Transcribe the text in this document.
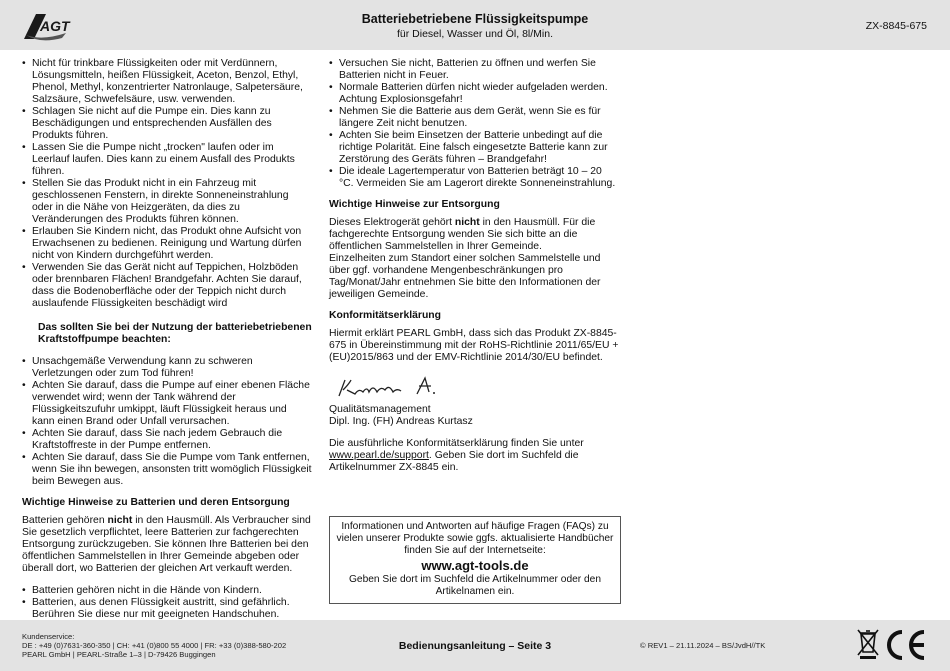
AGT	Batteriebetriebene Flüssigkeitspumpe
für Diesel, Wasser und Öl, 8l/Min.
ZX-8845-675
• Nicht für trinkbare Flüssigkeiten oder mit Verdünnern, Lösungsmitteln, heißen Flüssigkeit, Aceton, Benzol, Ethyl, Phenol, Methyl, konzentrierter Natronlauge, Salpetersäure, Salzsäure, Schwefelsäure, usw. verwenden.
• Schlagen Sie nicht auf die Pumpe ein. Dies kann zu Beschädigungen und entsprechenden Ausfällen des Produkts führen.
• Lassen Sie die Pumpe nicht „trocken" laufen oder im Leerlauf laufen. Dies kann zu einem Ausfall des Produkts führen.
• Stellen Sie das Produkt nicht in ein Fahrzeug mit geschlossenen Fenstern, in direkte Sonneneinstrahlung oder in die Nähe von Heizgeräten, da dies zu Veränderungen des Produkts führen können.
• Erlauben Sie Kindern nicht, das Produkt ohne Aufsicht von Erwachsenen zu bedienen. Reinigung und Wartung dürfen nicht von Kindern durchgeführt werden.
• Verwenden Sie das Gerät nicht auf Teppichen, Holzböden oder brennbaren Flächen! Brandgefahr. Achten Sie darauf, dass die Bodenoberfläche oder der Teppich nicht durch auslaufende Flüssigkeiten beschädigt wird
Das sollten Sie bei der Nutzung der batteriebetriebenen Kraftstoffpumpe beachten:
• Unsachgemäße Verwendung kann zu schweren Verletzungen oder zum Tod führen!
• Achten Sie darauf, dass die Pumpe auf einer ebenen Fläche verwendet wird; wenn der Tank während der Flüssigkeitszufuhr umkippt, läuft Flüssigkeit heraus und kann einen Brand oder Unfall verursachen.
• Achten Sie darauf, dass Sie nach jedem Gebrauch die Kraftstoffreste in der Pumpe entfernen.
• Achten Sie darauf, dass Sie die Pumpe vom Tank entfernen, wenn Sie ihn bewegen, ansonsten tritt womöglich Flüssigkeit beim Bewegen aus.
Wichtige Hinweise zu Batterien und deren Entsorgung

Batterien gehören nicht in den Hausmüll. Als Verbraucher sind Sie gesetzlich verpflichtet, leere Batterien zur fachgerechten Entsorgung zurückzugeben. Sie können Ihre Batterien bei den öffentlichen Sammelstellen in Ihrer Gemeinde abgeben oder überall dort, wo Batterien der gleichen Art verkauft werden.

• Batterien gehören nicht in die Hände von Kindern.
• Batterien, aus denen Flüssigkeit austritt, sind gefährlich. Berühren Sie diese nur mit geeigneten Handschuhen.
• Versuchen Sie nicht, Batterien zu öffnen und werfen Sie Batterien nicht in Feuer.
• Normale Batterien dürfen nicht wieder aufgeladen werden. Achtung Explosionsgefahr!
• Nehmen Sie die Batterie aus dem Gerät, wenn Sie es für längere Zeit nicht benutzen.
• Achten Sie beim Einsetzen der Batterie unbedingt auf die richtige Polarität. Eine falsch eingesetzte Batterie kann zur Zerstörung des Geräts führen – Brandgefahr!
• Die ideale Lagertemperatur von Batterien beträgt 10 – 20 °C. Vermeiden Sie am Lagerort direkte Sonneneinstrahlung.
Wichtige Hinweise zur Entsorgung

Dieses Elektrogerät gehört nicht in den Hausmüll. Für die fachgerechte Entsorgung wenden Sie sich bitte an die öffentlichen Sammelstellen in Ihrer Gemeinde.

Einzelheiten zum Standort einer solchen Sammelstelle und über ggf. vorhandene Mengenbeschränkungen pro Tag/Monat/Jahr entnehmen Sie bitte den Informationen der jeweiligen Gemeinde.

Konformitätserklärung

Hiermit erklärt PEARL GmbH, dass sich das Produkt ZX-8845-675 in Übereinstimmung mit der RoHS-Richtlinie 2011/65/EU + (EU)2015/863 und der EMV-Richtlinie 2014/30/EU befindet.

Qualitätsmanagement

Dipl. Ing. (FH) Andreas Kurtasz

Die ausführliche Konformitätserklärung finden Sie unter www.pearl.de/support. Geben Sie dort im Suchfeld die Artikelnummer ZX-8845 ein.

Informationen und Antworten auf häufige Fragen (FAQs) zu vielen unserer Produkte sowie ggfs. aktualisierte Handbücher finden Sie auf der Internetseite:
www.agt-tools.de
Geben Sie dort im Suchfeld die Artikelnummer oder den Artikelnamen ein.
Kundenservice:
DE : +49 (0)7631-360-350 | CH: +41 (0)800 55 4000 | FR: +33 (0)388-580-202
PEARL GmbH | PEARL-Straße 1–3 | D-79426 Buggingen
Bedienungsanleitung – Seite 3	© REV1 – 21.11.2024 – BS/JvdH//TK
